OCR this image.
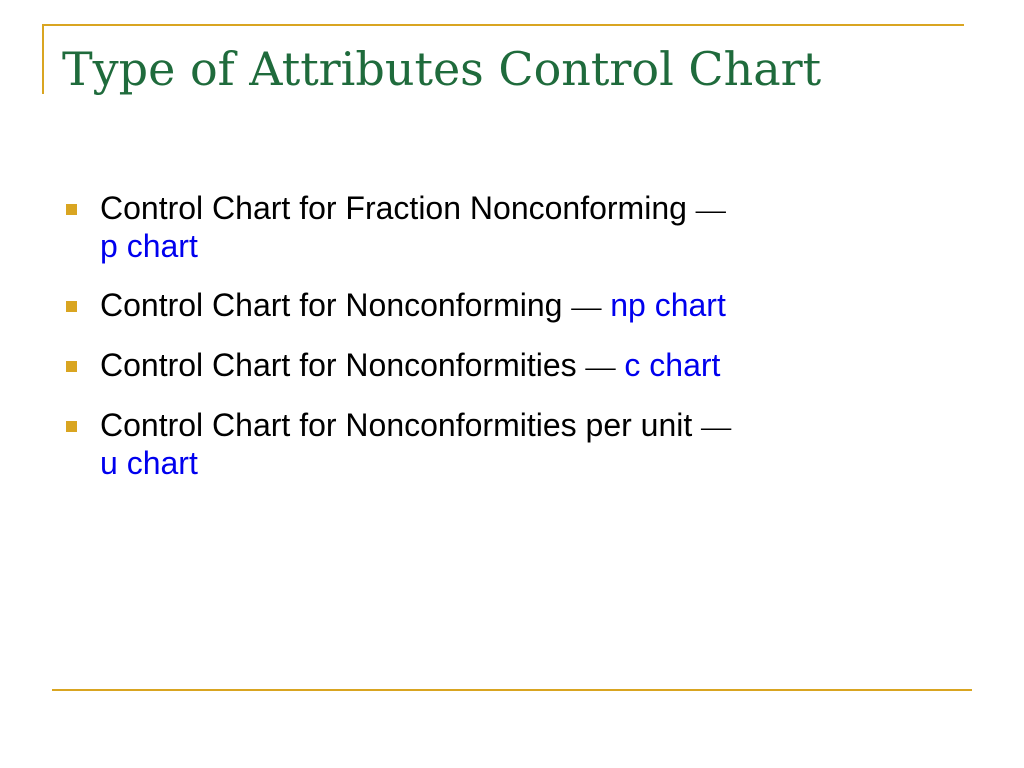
Type of Attributes Control Chart
Control Chart for Fraction Nonconforming —
p chart
Control Chart for Nonconforming — np chart
Control Chart for Nonconformities — c chart
Control Chart for Nonconformities per unit —
u chart
